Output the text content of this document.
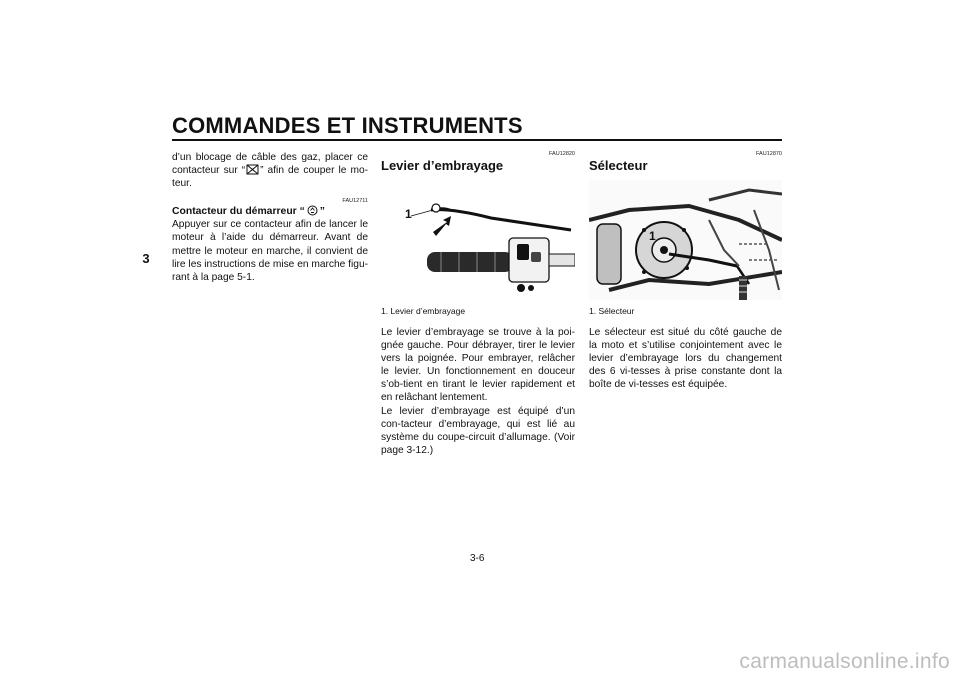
COMMANDES ET INSTRUMENTS
3

d’un blocage de câble des gaz, placer ce contacteur sur “ ” afin de couper le mo-teur.

FAU12711

Contacteur du démarreur “ ”

Appuyer sur ce contacteur afin de lancer le moteur à l’aide du démarreur. Avant de mettre le moteur en marche, il convient de lire les instructions de mise en marche figu-rant à la page 5-1.

FAU12820

Levier d’embrayage

1

1. Levier d’embrayage

Le levier d’embrayage se trouve à la poi-gnée gauche. Pour débrayer, tirer le levier vers la poignée. Pour embrayer, relâcher le levier. Un fonctionnement en douceur s’ob-tient en tirant le levier rapidement et en relâchant lentement.

Le levier d’embrayage est équipé d’un con-tacteur d’embrayage, qui est lié au système du coupe-circuit d’allumage. (Voir page 3-12.)

FAU12870

Sélecteur

1

1. Sélecteur

Le sélecteur est situé du côté gauche de la moto et s’utilise conjointement avec le levier d’embrayage lors du changement des 6 vi-tesses à prise constante dont la boîte de vi-tesses est équipée.

3-6
carmanualsonline.info
